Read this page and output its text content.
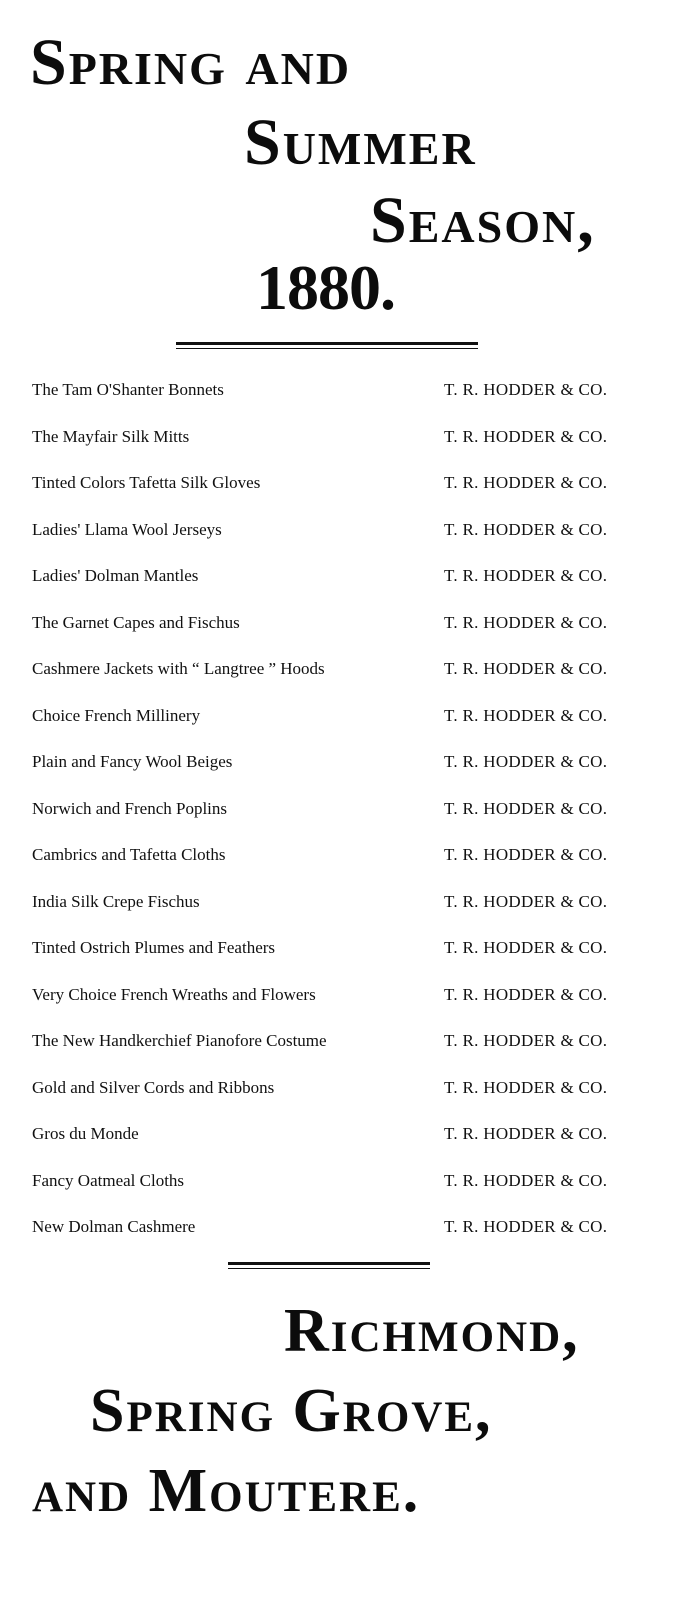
Spring and
Summer
Season,
1880.
The Tam O'Shanter Bonnets	T. R. HODDER & CO.
The Mayfair Silk Mitts	T. R. HODDER & CO.
Tinted Colors Tafetta Silk Gloves	T. R. HODDER & CO.
Ladies' Llama Wool Jerseys	T. R. HODDER & CO.
Ladies' Dolman Mantles	T. R. HODDER & CO.
The Garnet Capes and Fischus	T. R. HODDER & CO.
Cashmere Jackets with “ Langtree ” Hoods	T. R. HODDER & CO.
Choice French Millinery	T. R. HODDER & CO.
Plain and Fancy Wool Beiges	T. R. HODDER & CO.
Norwich and French Poplins	T. R. HODDER & CO.
Cambrics and Tafetta Cloths	T. R. HODDER & CO.
India Silk Crepe Fischus	T. R. HODDER & CO.
Tinted Ostrich Plumes and Feathers	T. R. HODDER & CO.
Very Choice French Wreaths and Flowers	T. R. HODDER & CO.
The New Handkerchief Pianofore Costume	T. R. HODDER & CO.
Gold and Silver Cords and Ribbons	T. R. HODDER & CO.
Gros du Monde	T. R. HODDER & CO.
Fancy Oatmeal Cloths	T. R. HODDER & CO.
New Dolman Cashmere	T. R. HODDER & CO.
Richmond,
Spring Grove,
and Moutere.
